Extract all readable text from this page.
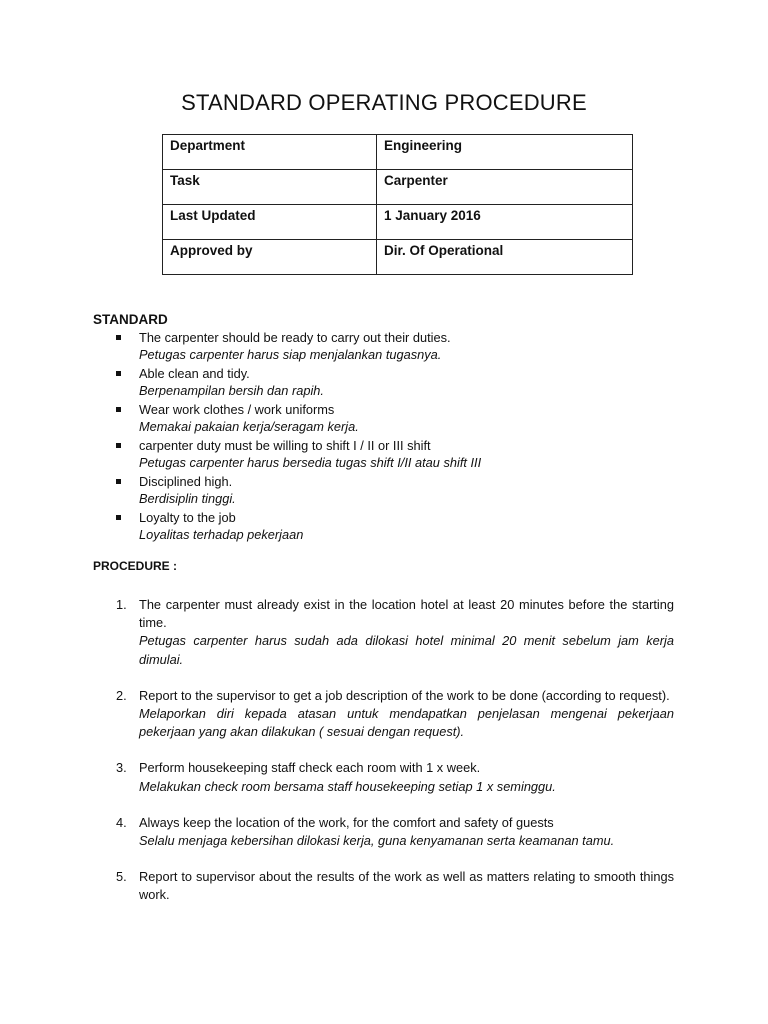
STANDARD OPERATING PROCEDURE
Department	Engineering
Task	Carpenter
Last Updated	1 January 2016
Approved by	Dir. Of Operational
STANDARD
The carpenter should be ready to carry out their duties.
Petugas carpenter harus siap menjalankan tugasnya.
Able clean and tidy.
Berpenampilan bersih dan rapih.
Wear work clothes / work uniforms
Memakai pakaian kerja/seragam kerja.
carpenter duty must be willing to shift I / II or III shift
Petugas carpenter harus bersedia tugas shift I/II atau shift III
Disciplined high.
Berdisiplin tinggi.
Loyalty to the job
Loyalitas terhadap pekerjaan
PROCEDURE :
1. The carpenter must already exist in the location hotel at least 20 minutes before the starting time.
Petugas carpenter harus sudah ada dilokasi hotel minimal 20 menit sebelum jam kerja dimulai.
2. Report to the supervisor to get a job description of the work to be done (according to request).
Melaporkan diri kepada atasan untuk mendapatkan penjelasan mengenai pekerjaan pekerjaan yang akan dilakukan ( sesuai dengan request).
3. Perform housekeeping staff check each room with 1 x week.
Melakukan check room bersama staff housekeeping setiap 1 x seminggu.
4. Always keep the location of the work, for the comfort and safety of guests
Selalu menjaga kebersihan dilokasi kerja, guna kenyamanan serta keamanan tamu.
5. Report to supervisor about the results of the work as well as matters relating to smooth things work.
